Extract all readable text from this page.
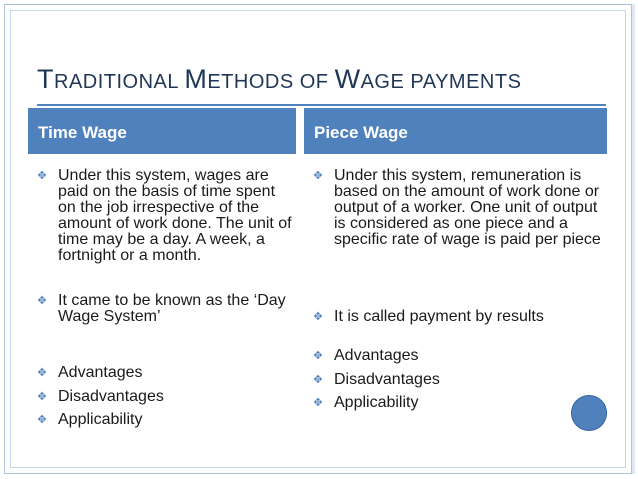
TRADITIONAL METHODS OF WAGE PAYMENTS
Time Wage	Piece Wage
✥ Under this system, wages are paid on the basis of time spent on the job irrespective of the amount of work done. The unit of time may be a day. A week, a fortnight or a month.
✥ It came to be known as the ‘Day Wage System’
✥ Advantages
✥ Disadvantages
✥ Applicability
✥ Under this system, remuneration is based on the amount of work done or output of a worker. One unit of output is considered as one piece and a specific rate of wage is paid per piece
✥ It is called payment by results
✥ Advantages
✥ Disadvantages
✥ Applicability
